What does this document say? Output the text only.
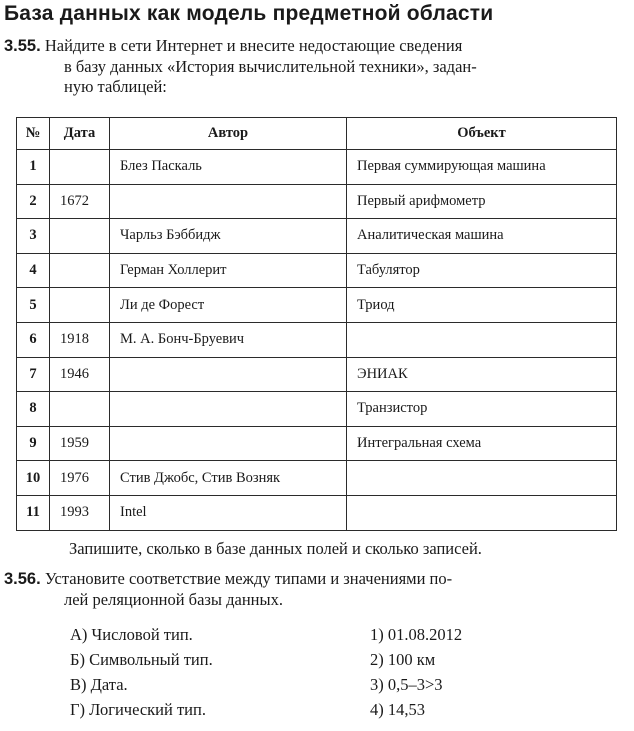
База данных как модель предметной области
3.55. Найдите в сети Интернет и внесите недостающие сведения
в базу данных «История вычислительной техники», задан-
ную таблицей:
№	Дата	Автор	Объект
1		Блез Паскаль	Первая суммирующая машина
2	1672		Первый арифмометр
3		Чарльз Бэббидж	Аналитическая машина
4		Герман Холлерит	Табулятор
5		Ли де Форест	Триод
6	1918	М. А. Бонч-Бруевич	
7	1946		ЭНИАК
8			Транзистор
9	1959		Интегральная схема
10	1976	Стив Джобс, Стив Возняк	
11	1993	Intel	
Запишите, сколько в базе данных полей и сколько записей.
3.56. Установите соответствие между типами и значениями по-
лей реляционной базы данных.
А) Числовой тип.	1) 01.08.2012
Б) Символьный тип.	2) 100 км
В) Дата.	3) 0,5–3>3
Г) Логический тип.	4) 14,53
